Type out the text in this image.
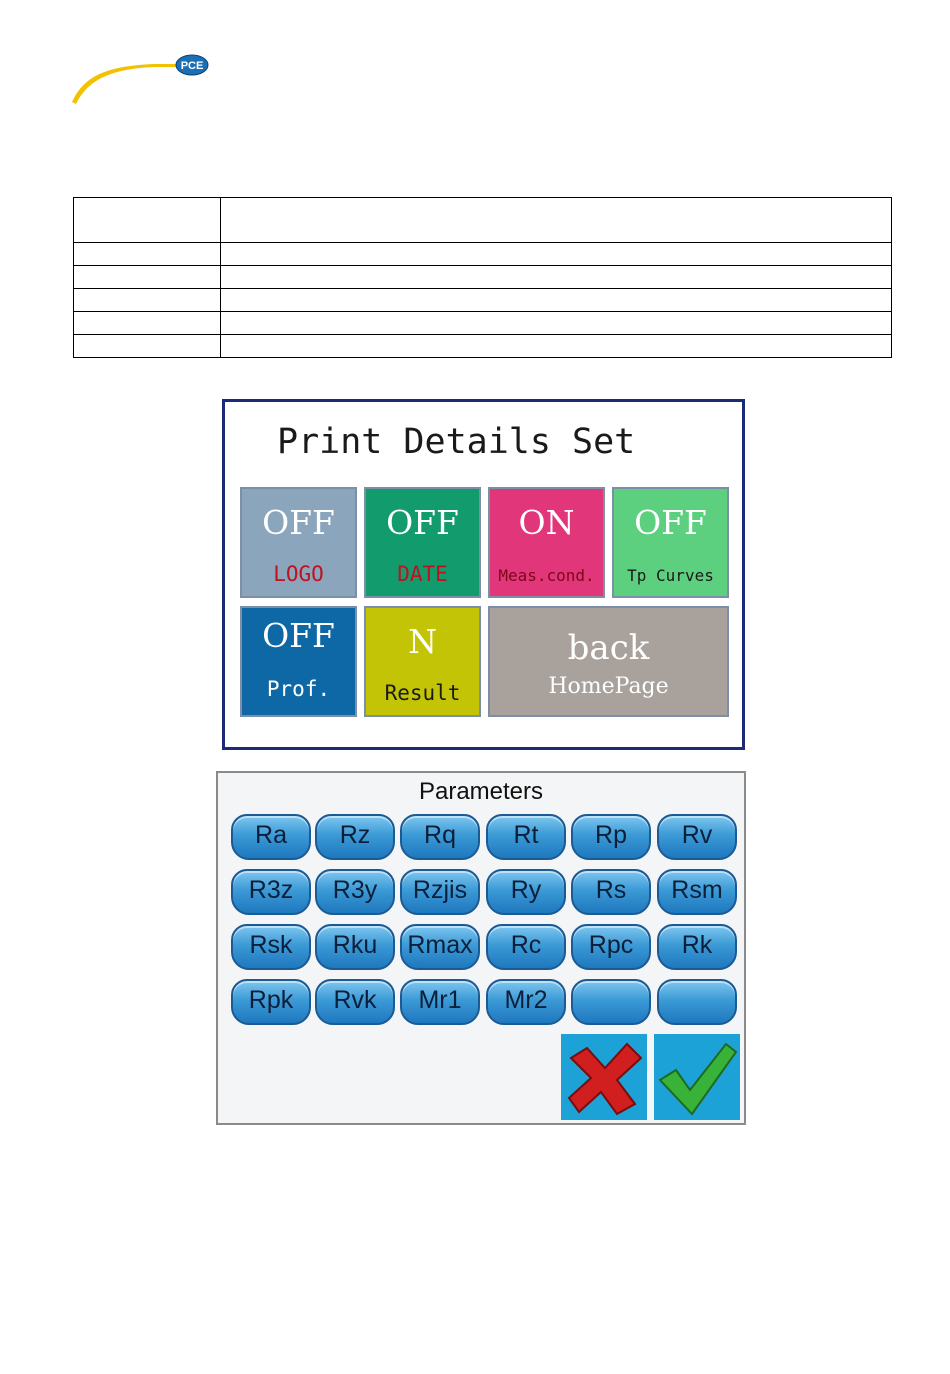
PCE

Print Details Set
OFF
LOGO
OFF
DATE
ON
Meas.cond.
OFF
Tp Curves
OFF
Prof.
N
Result
back
HomePage
Parameters
Ra	Rz	Rq	Rt	Rp	Rv
R3z	R3y	Rzjis	Ry	Rs	Rsm
Rsk	Rku	Rmax	Rc	Rpc	Rk
Rpk	Rvk	Mr1	Mr2
